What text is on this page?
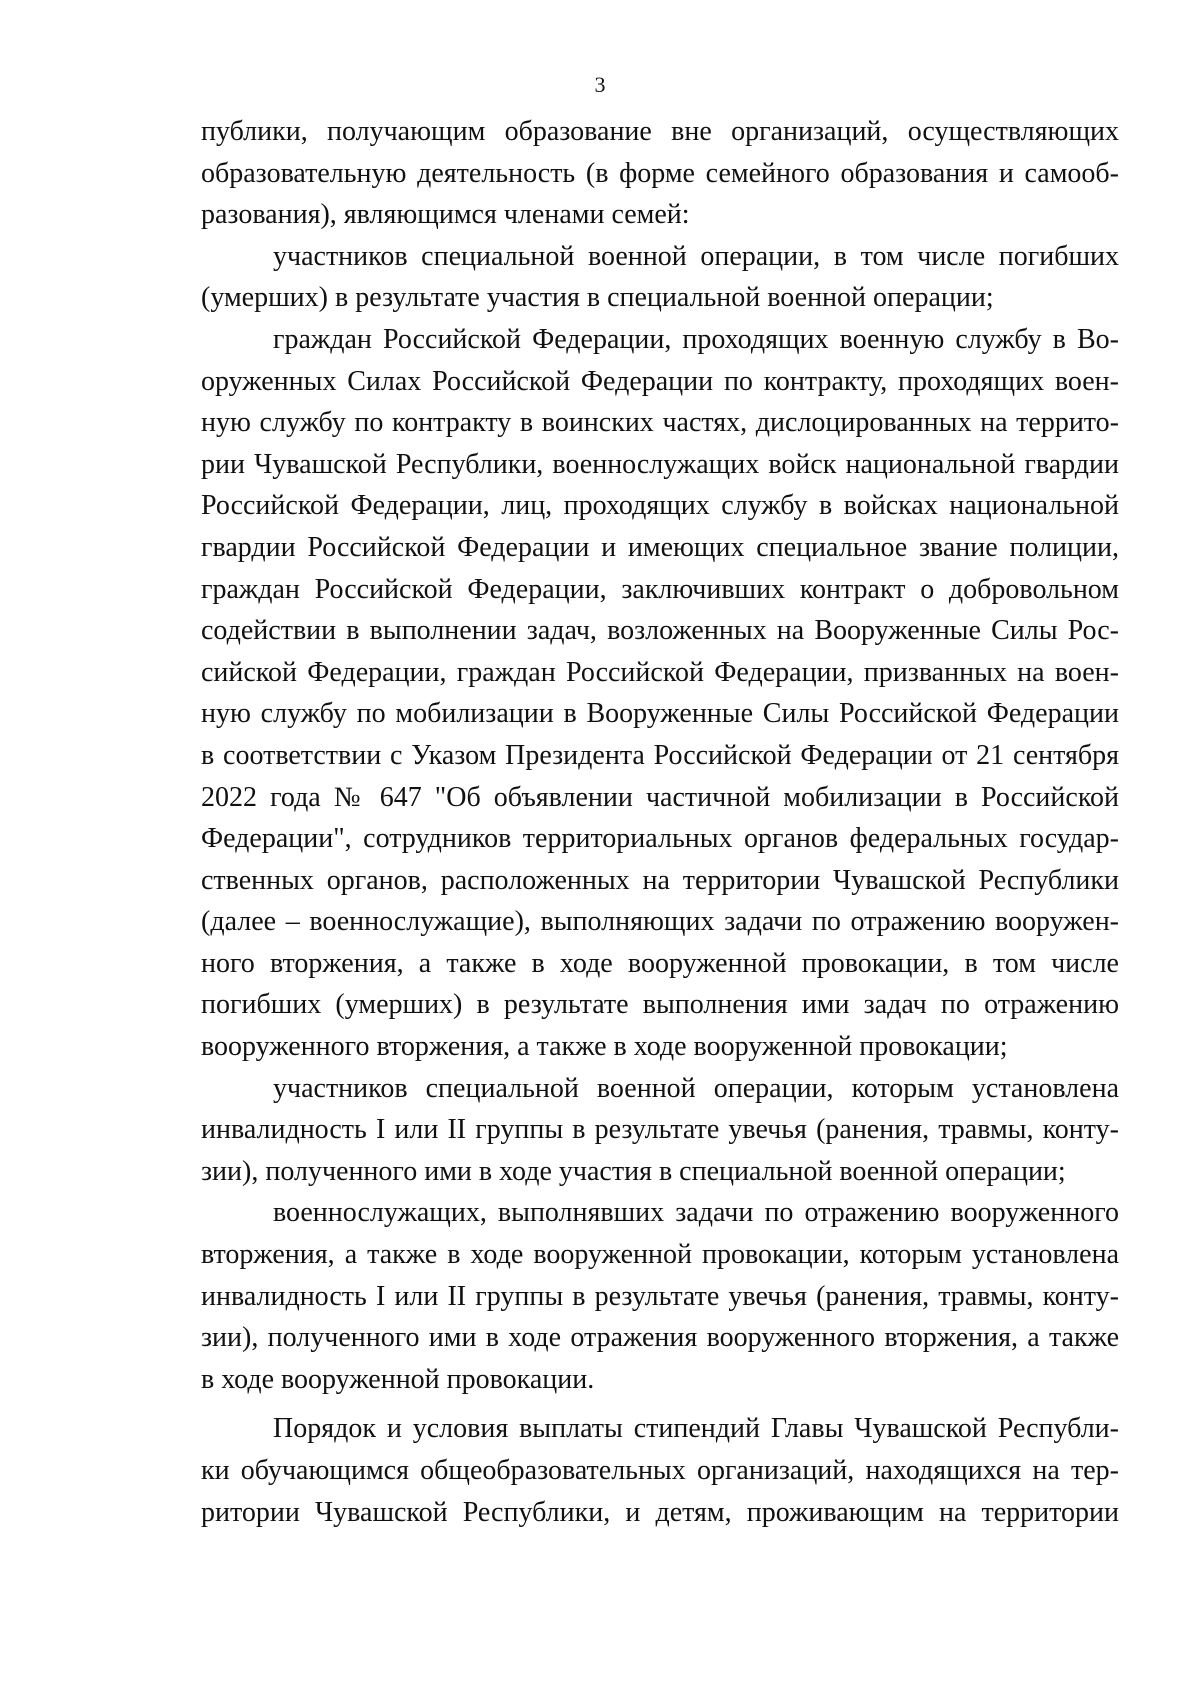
3
публики, получающим образование вне организаций, осуществляющих
образовательную деятельность (в форме семейного образования и самооб-
разования), являющимся членами семей:
участников специальной военной операции, в том числе погибших
(умерших) в результате участия в специальной военной операции;
граждан Российской Федерации, проходящих военную службу в Во-
оруженных Силах Российской Федерации по контракту, проходящих воен-
ную службу по контракту в воинских частях, дислоцированных на террито-
рии Чувашской Республики, военнослужащих войск национальной гвардии
Российской Федерации, лиц, проходящих службу в войсках национальной
гвардии Российской Федерации и имеющих специальное звание полиции,
граждан Российской Федерации, заключивших контракт о добровольном
содействии в выполнении задач, возложенных на Вооруженные Силы Рос-
сийской Федерации, граждан Российской Федерации, призванных на воен-
ную службу по мобилизации в Вооруженные Силы Российской Федерации
в соответствии с Указом Президента Российской Федерации от 21 сентября
2022 года № 647 "Об объявлении частичной мобилизации в Российской
Федерации", сотрудников территориальных органов федеральных государ-
ственных органов, расположенных на территории Чувашской Республики
(далее – военнослужащие), выполняющих задачи по отражению вооружен-
ного вторжения, а также в ходе вооруженной провокации, в том числе
погибших (умерших) в результате выполнения ими задач по отражению
вооруженного вторжения, а также в ходе вооруженной провокации;
участников специальной военной операции, которым установлена
инвалидность I или II группы в результате увечья (ранения, травмы, конту-
зии), полученного ими в ходе участия в специальной военной операции;
военнослужащих, выполнявших задачи по отражению вооруженного
вторжения, а также в ходе вооруженной провокации, которым установлена
инвалидность I или II группы в результате увечья (ранения, травмы, конту-
зии), полученного ими в ходе отражения вооруженного вторжения, а также
в ходе вооруженной провокации.
Порядок и условия выплаты стипендий Главы Чувашской Республи-
ки обучающимся общеобразовательных организаций, находящихся на тер-
ритории Чувашской Республики, и детям, проживающим на территории
